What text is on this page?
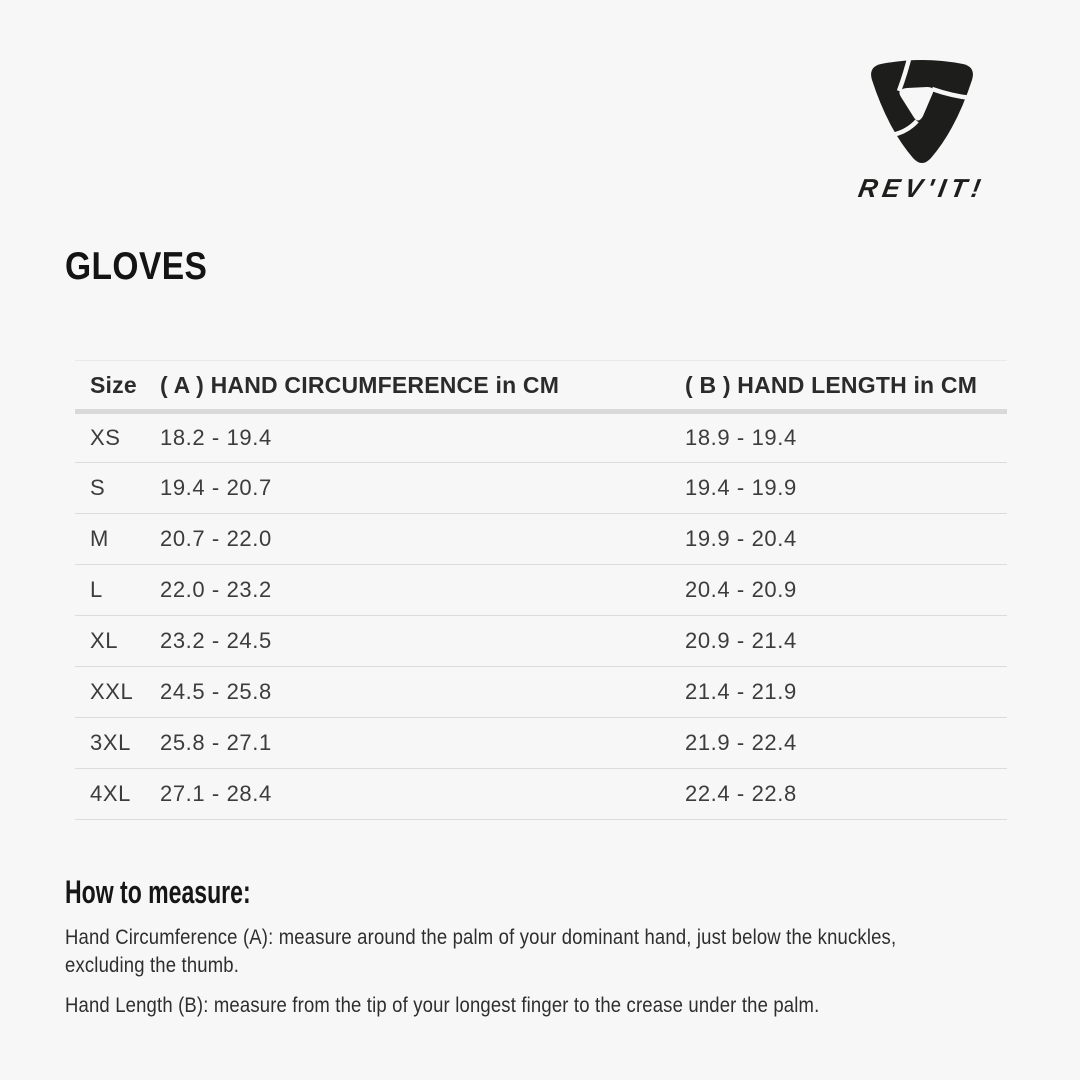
REV'IT!
GLOVES
Size	( A ) HAND CIRCUMFERENCE in CM	( B ) HAND LENGTH in CM
XS	18.2 - 19.4	18.9 - 19.4
S	19.4 - 20.7	19.4 - 19.9
M	20.7 - 22.0	19.9 - 20.4
L	22.0 - 23.2	20.4 - 20.9
XL	23.2 - 24.5	20.9 - 21.4
XXL	24.5 - 25.8	21.4 - 21.9
3XL	25.8 - 27.1	21.9 - 22.4
4XL	27.1 - 28.4	22.4 - 22.8
How to measure:
Hand Circumference (A): measure around the palm of your dominant hand, just below the knuckles,
excluding the thumb.
Hand Length (B): measure from the tip of your longest finger to the crease under the palm.
